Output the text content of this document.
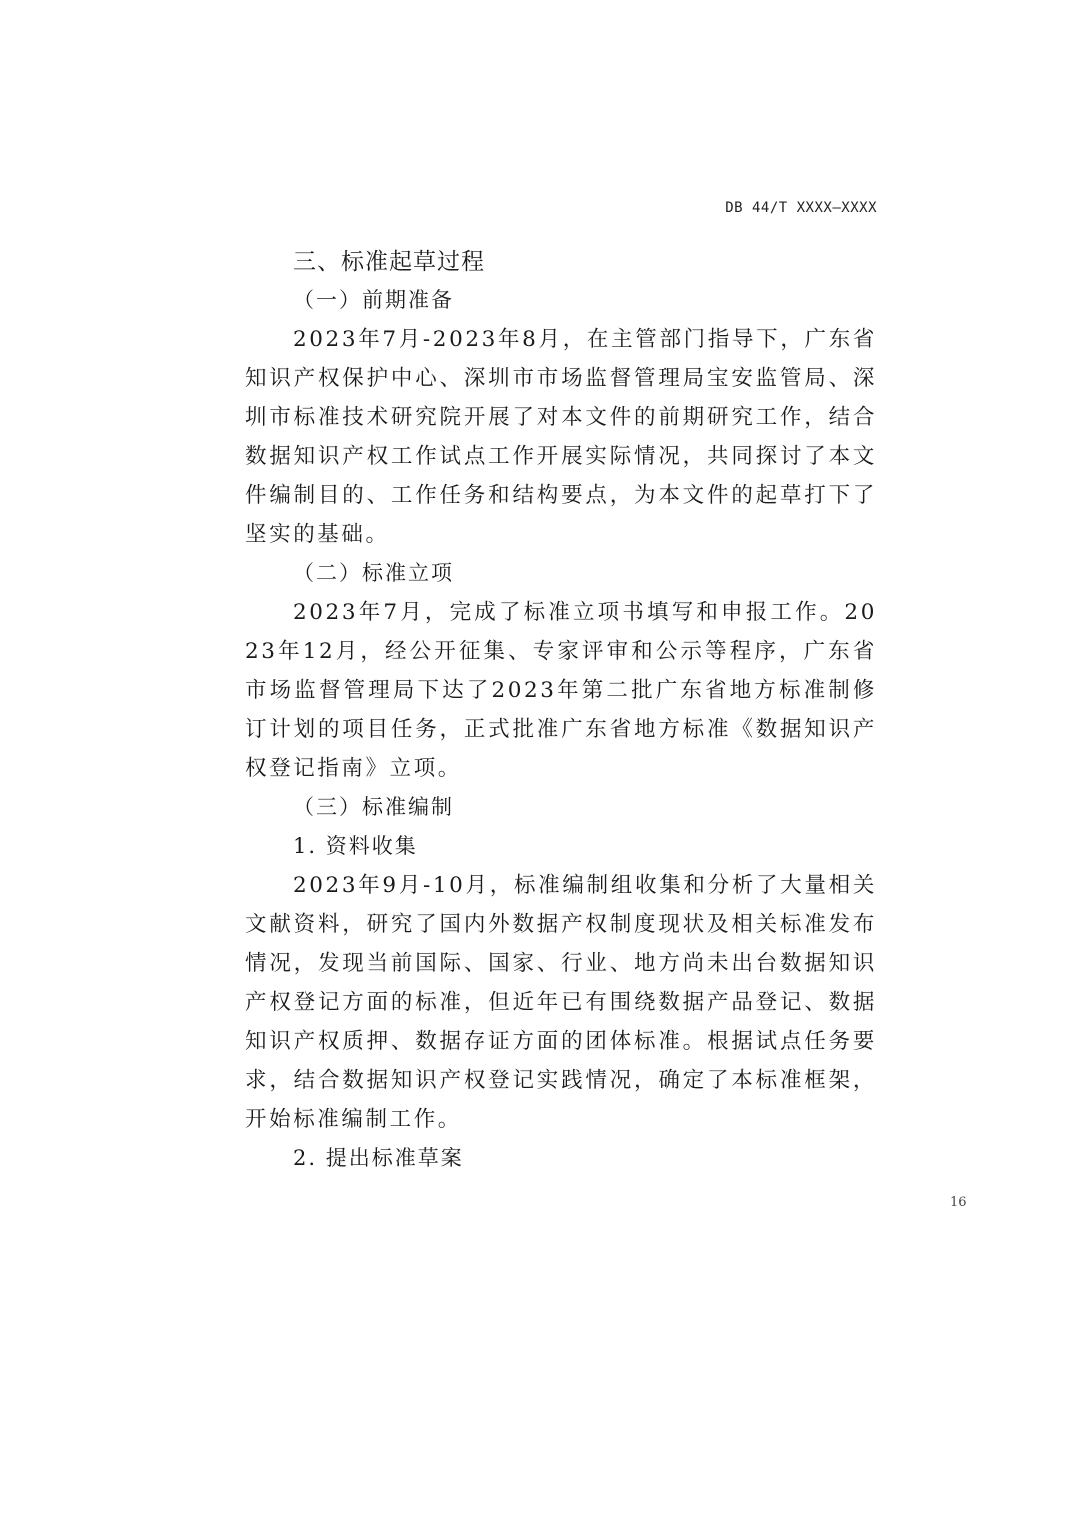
DB 44/T XXXX—XXXX
三、标准起草过程
（一）前期准备

2023年7月-2023年8月，在主管部门指导下，广东省知识产权保护中心、深圳市市场监督管理局宝安监管局、深圳市标准技术研究院开展了对本文件的前期研究工作，结合数据知识产权工作试点工作开展实际情况，共同探讨了本文件编制目的、工作任务和结构要点，为本文件的起草打下了坚实的基础。

（二）标准立项

2023年7月，完成了标准立项书填写和申报工作。2023年12月，经公开征集、专家评审和公示等程序，广东省市场监督管理局下达了2023年第二批广东省地方标准制修订计划的项目任务，正式批准广东省地方标准《数据知识产权登记指南》立项。

（三）标准编制
1. 资料收集

2023年9月-10月，标准编制组收集和分析了大量相关文献资料，研究了国内外数据产权制度现状及相关标准发布情况，发现当前国际、国家、行业、地方尚未出台数据知识产权登记方面的标准，但近年已有围绕数据产品登记、数据知识产权质押、数据存证方面的团体标准。根据试点任务要求，结合数据知识产权登记实践情况，确定了本标准框架，开始标准编制工作。

2. 提出标准草案
16
